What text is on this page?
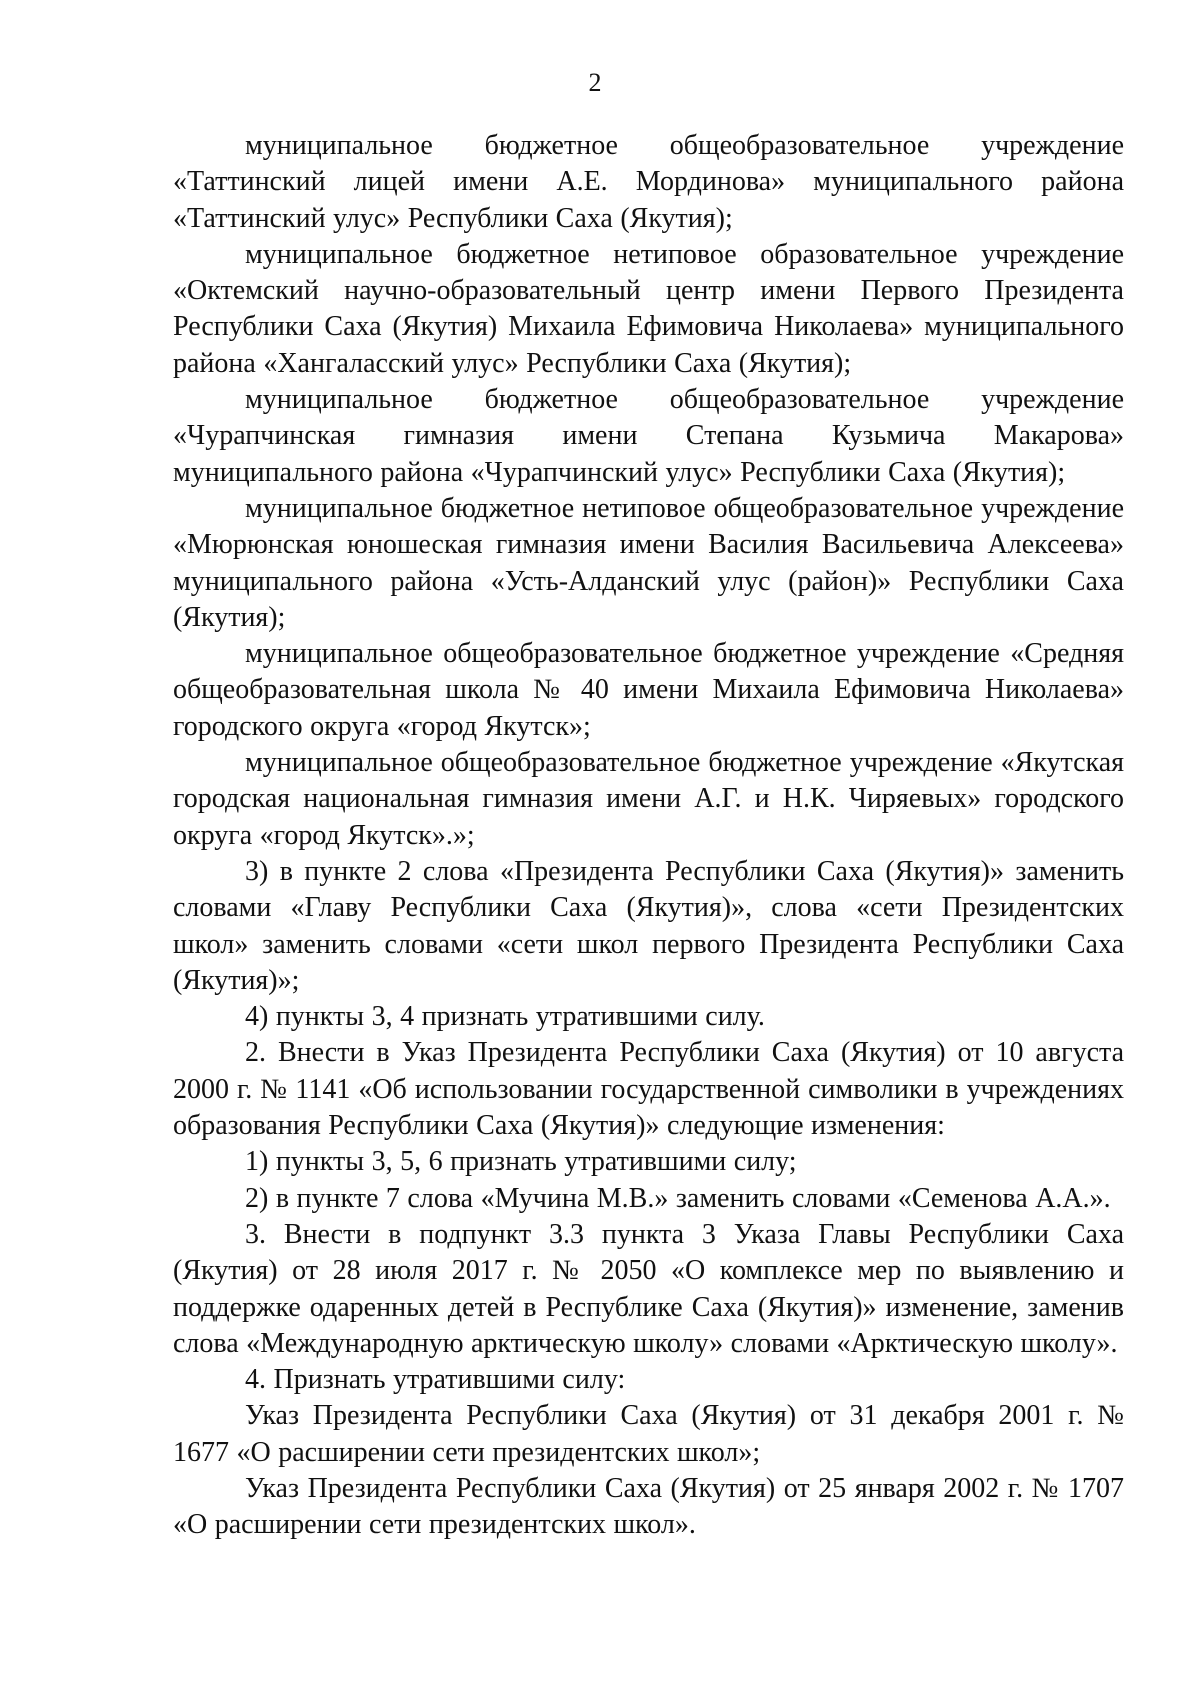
2

муниципальное бюджетное общеобразовательное учреждение «Таттинский лицей имени А.Е. Мординова» муниципального района «Таттинский улус» Республики Саха (Якутия);

муниципальное бюджетное нетиповое образовательное учреждение «Октемский научно-образовательный центр имени Первого Президента Республики Саха (Якутия) Михаила Ефимовича Николаева» муниципального района «Хангаласский улус» Республики Саха (Якутия);

муниципальное бюджетное общеобразовательное учреждение «Чурапчинская гимназия имени Степана Кузьмича Макарова» муниципального района «Чурапчинский улус» Республики Саха (Якутия);

муниципальное бюджетное нетиповое общеобразовательное учреждение «Мюрюнская юношеская гимназия имени Василия Васильевича Алексеева» муниципального района «Усть-Алданский улус (район)» Республики Саха (Якутия);

муниципальное общеобразовательное бюджетное учреждение «Средняя общеобразовательная школа № 40 имени Михаила Ефимовича Николаева» городского округа «город Якутск»;

муниципальное общеобразовательное бюджетное учреждение «Якутская городская национальная гимназия имени А.Г. и Н.К. Чиряевых» городского округа «город Якутск».»;

3) в пункте 2 слова «Президента Республики Саха (Якутия)» заменить словами «Главу Республики Саха (Якутия)», слова «сети Президентских школ» заменить словами «сети школ первого Президента Республики Саха (Якутия)»;

4) пункты 3, 4 признать утратившими силу.

2. Внести в Указ Президента Республики Саха (Якутия) от 10 августа 2000 г. № 1141 «Об использовании государственной символики в учреждениях образования Республики Саха (Якутия)» следующие изменения:

1) пункты 3, 5, 6 признать утратившими силу;

2) в пункте 7 слова «Мучина М.В.» заменить словами «Семенова А.А.».

3. Внести в подпункт 3.3 пункта 3 Указа Главы Республики Саха (Якутия) от 28 июля 2017 г. № 2050 «О комплексе мер по выявлению и поддержке одаренных детей в Республике Саха (Якутия)» изменение, заменив слова «Международную арктическую школу» словами «Арктическую школу».

4. Признать утратившими силу:

Указ Президента Республики Саха (Якутия) от 31 декабря 2001 г. № 1677 «О расширении сети президентских школ»;

Указ Президента Республики Саха (Якутия) от 25 января 2002 г. № 1707 «О расширении сети президентских школ».
